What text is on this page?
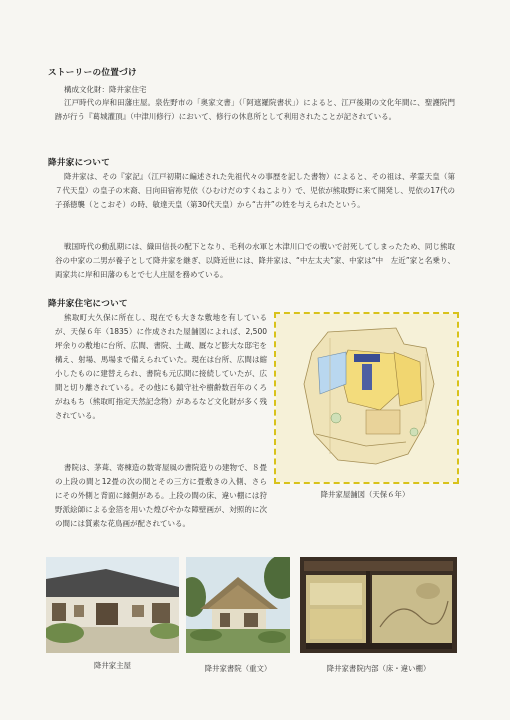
ストーリーの位置づけ
構成文化財：降井家住宅

江戸時代の岸和田藩庄屋。泉佐野市の「奥家文書」（「阿遮羅院書状」）によると、江戸後期の文化年間に、聖護院門跡が行う『葛城灌頂』（中津川修行）において、修行の休息所として利用されたことが記されている。

降井家について

降井家は、その『家記』（江戸初期に編述された先祖代々の事歴を記した書物）によると、その祖は、孝霊天皇（第７代天皇）の皇子の末裔、日向田宿祢児依（ひむけだのすくねこより）で、児依が熊取野に来て開発し、児依の17代の子孫徳襲（とこおそ）の時、敏達天皇（第30代天皇）から“古井”の姓を与えられたという。

戦国時代の動乱期には、織田信長の配下となり、毛利の水軍と木津川口での戦いで討死してしまったため、同じ熊取谷の中家の二男が養子として降井家を継ぎ、以降近世には、降井家は、“中左太夫”家、中家は“中　左近”家と名乗り、両家共に岸和田藩のもとで七人庄屋を務めている。

降井家住宅について

熊取町大久保に所在し、現在でも大きな敷地を有しているが、天保６年（1835）に作成された屋舗図によれば、2,500坪余りの敷地に台所、広間、書院、土蔵、厩など膨大な邸宅を構え、射場、馬場まで備えられていた。現在は台所、広間は縮小したものに建替えられ、書院も元広間に接続していたが、広間と切り離されている。その他にも鎮守社や樹齢数百年のくろがねもち（熊取町指定天然記念物）があるなど文化財が多く残されている。

書院は、茅葺、寄棟造の数寄屋風の書院造りの建物で、８畳の上段の間と12畳の次の間とその三方に畳敷きの入側、さらにその外側と背面に縁側がある。上段の間の床、違い棚には狩野派絵師による金箔を用いた煌びやかな障壁画が、対照的に次の間には質素な花鳥画が配されている。

降井家屋舗図（天保６年）
降井家主屋	降井家書院（重文）	降井家書院内部（床・違い棚）
